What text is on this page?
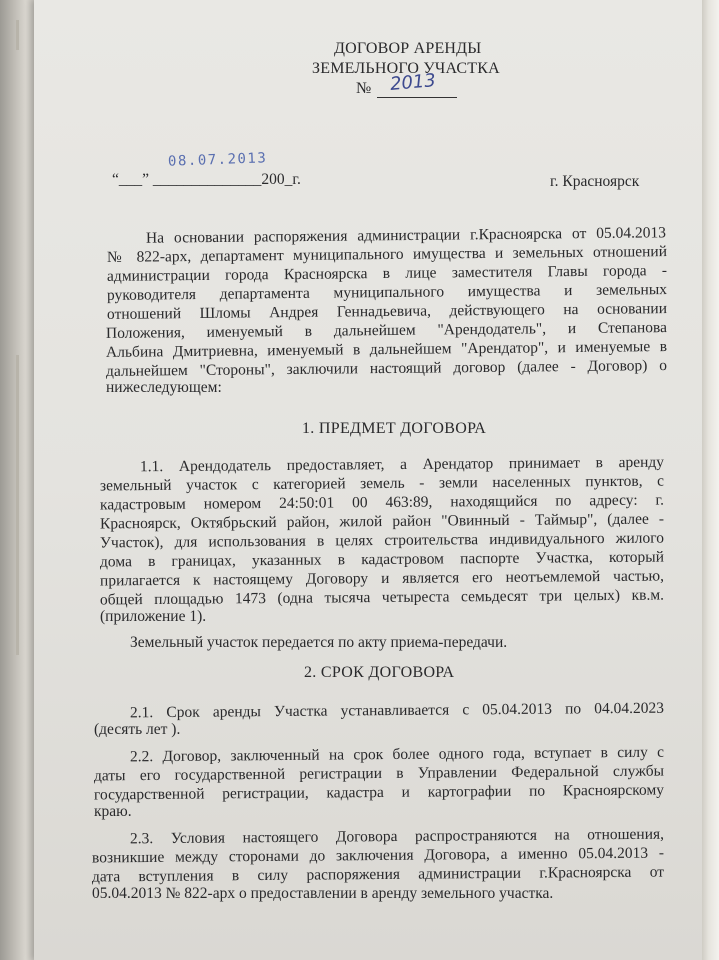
ДОГОВОР АРЕНДЫ
ЗЕМЕЛЬНОГО УЧАСТКА
№ 2013
08.07.2013
“___” ______________200_г.	г. Красноярск
На основании распоряжения администрации г.Красноярска от 05.04.2013
№ 822-арх, департамент муниципального имущества и земельных отношений
администрации города Красноярска в лице заместителя Главы города -
руководителя департамента муниципального имущества и земельных
отношений Шломы Андрея Геннадьевича, действующего на основании
Положения, именуемый в дальнейшем "Арендодатель", и Степанова
Альбина Дмитриевна, именуемый в дальнейшем "Арендатор", и именуемые в
дальнейшем "Стороны", заключили настоящий договор (далее - Договор) о
нижеследующем:
1. ПРЕДМЕТ ДОГОВОРА
1.1. Арендодатель предоставляет, а Арендатор принимает в аренду
земельный участок с категорией земель - земли населенных пунктов, с
кадастровым номером 24:50:01 00 463:89, находящийся по адресу: г.
Красноярск, Октябрьский район, жилой район "Овинный - Таймыр", (далее -
Участок), для использования в целях строительства индивидуального жилого
дома в границах, указанных в кадастровом паспорте Участка, который
прилагается к настоящему Договору и является его неотъемлемой частью,
общей площадью 1473 (одна тысяча четыреста семьдесят три целых) кв.м.
(приложение 1).
Земельный участок передается по акту приема-передачи.
2. СРОК ДОГОВОРА
2.1. Срок аренды Участка устанавливается с 05.04.2013 по 04.04.2023
(десять лет ).
2.2. Договор, заключенный на срок более одного года, вступает в силу с
даты его государственной регистрации в Управлении Федеральной службы
государственной регистрации, кадастра и картографии по Красноярскому
краю.
2.3. Условия настоящего Договора распространяются на отношения,
возникшие между сторонами до заключения Договора, а именно 05.04.2013 -
дата вступления в силу распоряжения администрации г.Красноярска от
05.04.2013 № 822-арх о предоставлении в аренду земельного участка.
